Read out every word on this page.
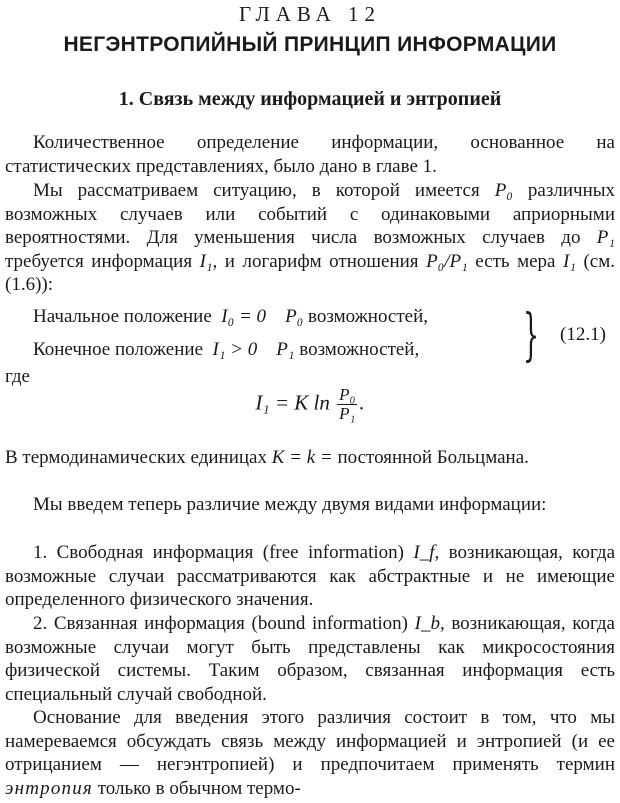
ГЛАВА 12
НЕГЭНТРОПИЙНЫЙ ПРИНЦИП ИНФОРМАЦИИ
1. Связь между информацией и энтропией

Количественное определение информации, основанное на статистических представлениях, было дано в главе 1.

Мы рассматриваем ситуацию, в которой имеется P₀ различных возможных случаев или событий с одинаковыми априорными вероятностями. Для уменьшения числа возможных случаев до P₁ требуется информация I₁, и логарифм отношения P₀/P₁ есть мера I₁ (см. (1.6)):

Начальное положение I₀ = 0 P₀ возможностей,
Конечное положение I₁ > 0 P₁ возможностей, } (12.1)
где
I₁ = K $\ln \frac{\text{P₀}}{\text{P₁}}$ .

В термодинамических единицах K = k = постоянной Больцмана.

Мы введем теперь различие между двумя видами информации:

1. Свободная информация (free information) I_f, возникающая, когда возможные случаи рассматриваются как абстрактные и не имеющие определенного физического значения.

2. Связанная информация (bound information) I_b, возникающая, когда возможные случаи могут быть представлены как микросостояния физической системы. Таким образом, связанная информация есть специальный случай свободной.

Основание для введения этого различия состоит в том, что мы намереваемся обсуждать связь между информацией и энтропией (и ее отрицанием — негэнтропией) и предпочитаем применять термин энтропия только в обычном термо-
